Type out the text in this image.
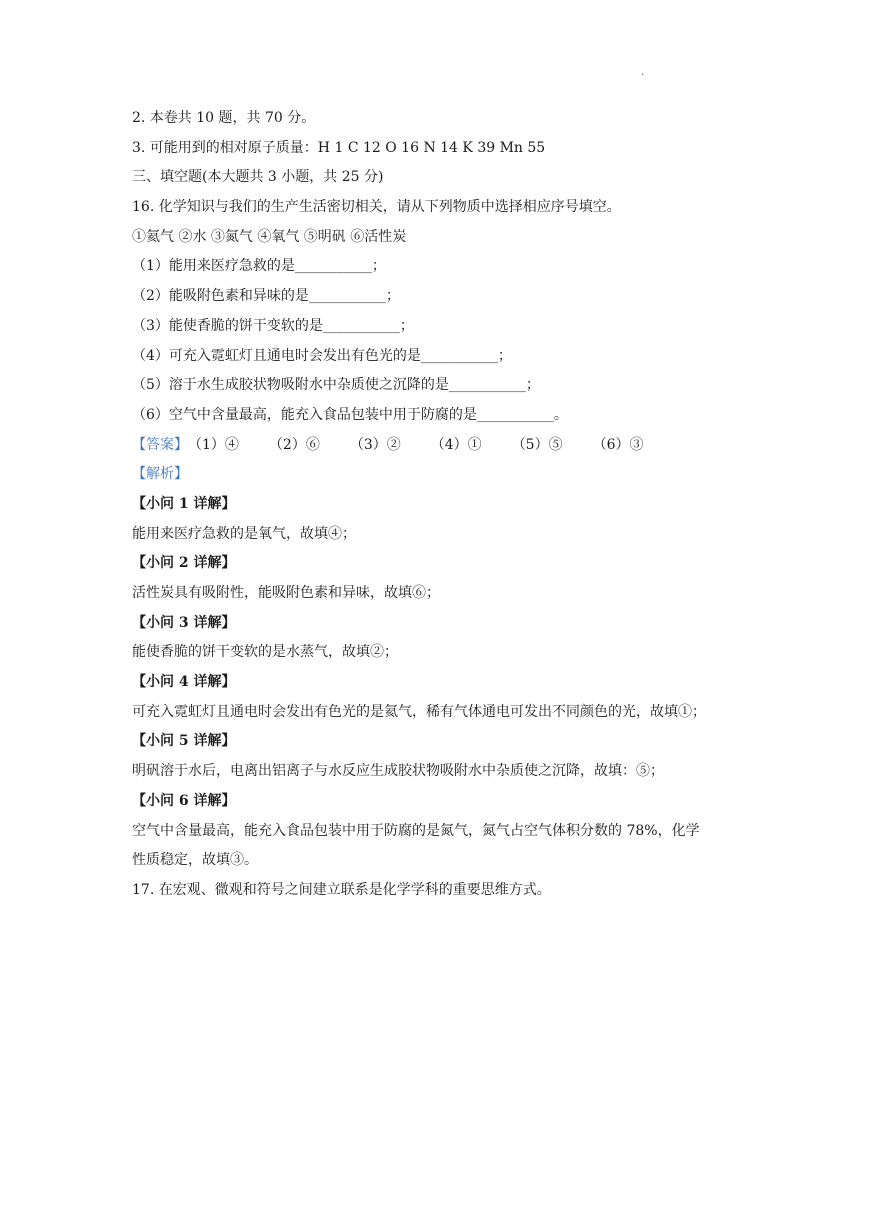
·
2. 本卷共 10 题，共 70 分。
3. 可能用到的相对原子质量：H 1 C 12 O 16 N 14 K 39 Mn 55
三、填空题(本大题共 3 小题，共 25 分)
16. 化学知识与我们的生产生活密切相关，请从下列物质中选择相应序号填空。
①氦气 ②水 ③氮气 ④氧气 ⑤明矾 ⑥活性炭
（1）能用来医疗急救的是___________；
（2）能吸附色素和异味的是___________；
（3）能使香脆的饼干变软的是___________；
（4）可充入霓虹灯且通电时会发出有色光的是___________；
（5）溶于水生成胶状物吸附水中杂质使之沉降的是___________；
（6）空气中含量最高，能充入食品包装中用于防腐的是___________。
【答案】（1）④ （2）⑥ （3）② （4）① （5）⑤ （6）③
【解析】
【小问 1 详解】
能用来医疗急救的是氧气，故填④；
【小问 2 详解】
活性炭具有吸附性，能吸附色素和异味，故填⑥；
【小问 3 详解】
能使香脆的饼干变软的是水蒸气，故填②；
【小问 4 详解】
可充入霓虹灯且通电时会发出有色光的是氦气，稀有气体通电可发出不同颜色的光，故填①；
【小问 5 详解】
明矾溶于水后，电离出铝离子与水反应生成胶状物吸附水中杂质使之沉降，故填：⑤；
【小问 6 详解】
空气中含量最高，能充入食品包装中用于防腐的是氮气，氮气占空气体积分数的 78%，化学
性质稳定，故填③。
17. 在宏观、微观和符号之间建立联系是化学学科的重要思维方式。
